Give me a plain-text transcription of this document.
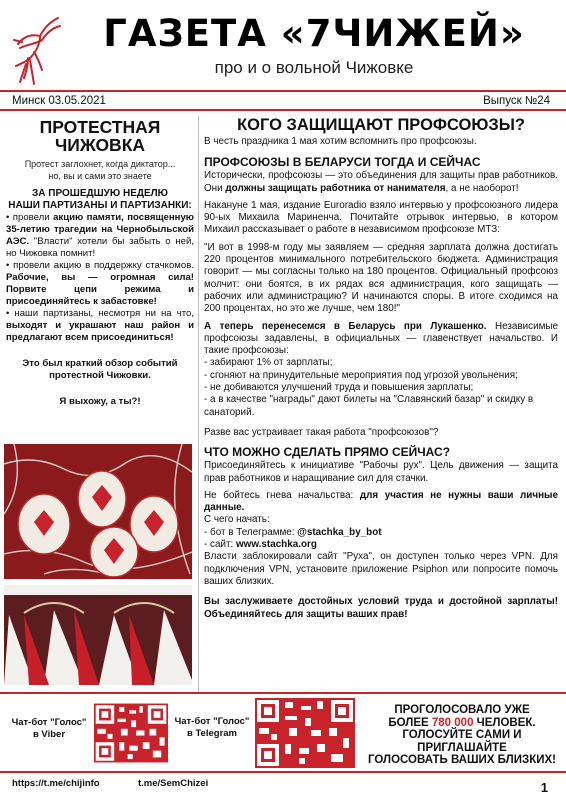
ГАЗЕТА «7ЧИЖЕЙ»
про и о вольной Чижовке
Минск 03.05.2021	Выпуск №24
ПРОТЕСТНАЯ
ЧИЖОВКА
Протест заглохнет, когда диктатор...
но, вы и сами это знаете
ЗА ПРОШЕДШУЮ НЕДЕЛЮ
НАШИ ПАРТИЗАНЫ И ПАРТИЗАНКИ:

• провели акцию памяти, посвященную 35-летию трагедии на Чернобыльской АЭС. "Власти" хотели бы забыть о ней, но Чижовка помнит!

• провели акцию в поддержку стачкомов. Рабочие, вы — огромная сила! Порвите цепи режима и присоединяйтесь к забастовке!

• наши партизаны, несмотря ни на что, выходят и украшают наш район и предлагают всем присоединиться!

Это был краткий обзор событий протестной Чижовки.
Я выхожу, а ты?!
КОГО ЗАЩИЩАЮТ ПРОФСОЮЗЫ?

В честь праздника 1 мая хотим вспомнить про профсоюзы.

ПРОФСОЮЗЫ В БЕЛАРУСИ ТОГДА И СЕЙЧАС

Исторически, профсоюзы — это объединения для защиты прав работников. Они должны защищать работника от нанимателя, а не наоборот!

Накануне 1 мая, издание Euroradio взяло интервью у профсоюзного лидера 90-ых Михаила Мариненча. Почитайте отрывок интервью, в котором Михаил рассказывает о работе в независимом профсоюзе МТЗ:

"И вот в 1998-м году мы заявляем — средняя зарплата должна достигать 220 процентов минимального потребительского бюджета. Администрация говорит — мы согласны только на 180 процентов. Официальный профсоюз молчит: они боятся, в их рядах вся администрация, кого защищать — рабочих или администрацию? И начинаются споры. В итоге сходимся на 200 процентах, но это же лучше, чем 180!"

А теперь перенесемся в Беларусь при Лукашенко. Независимые профсоюзы задавлены, в официальных — главенствует начальство. И такие профсоюзы:

- забирают 1% от зарплаты;
- сгоняют на принудительные мероприятия под угрозой увольнения;
- не добиваются улучшений труда и повышения зарплаты;
- а в качестве "награды" дают билеты на "Славянский базар" и скидку в санаторий.

Разве вас устраивает такая работа "профсоюзов"?

ЧТО МОЖНО СДЕЛАТЬ ПРЯМО СЕЙЧАС?

Присоединяйтесь к инициативе "Рабочы рух". Цель движения — защита прав работников и наращивание сил для стачки.

Не бойтесь гнева начальства: для участия не нужны ваши личные данные.

С чего начать:
- бот в Телеграмме: @stachka_by_bot
- сайт: www.stachka.org

Власти заблокировали сайт "Руха", он доступен только через VPN. Для подключения VPN, установите приложение Psiphon или попросите помочь ваших близких.

Вы заслуживаете достойных условий труда и достойной зарплаты! Объединяйтесь для защиты ваших прав!

Чат-бот "Голос"
в Telegram
ПРОГОЛОСОВАЛО УЖЕ
БОЛЕЕ 780 000 ЧЕЛОВЕК.
ГОЛОСУЙТЕ САМИ И ПРИГЛАШАЙТЕ
ГОЛОСОВАТЬ ВАШИХ БЛИЗКИХ!
https://t.me/chijinfo	t.me/SemChizei	1
Чат-бот "Голос"
в Viber
